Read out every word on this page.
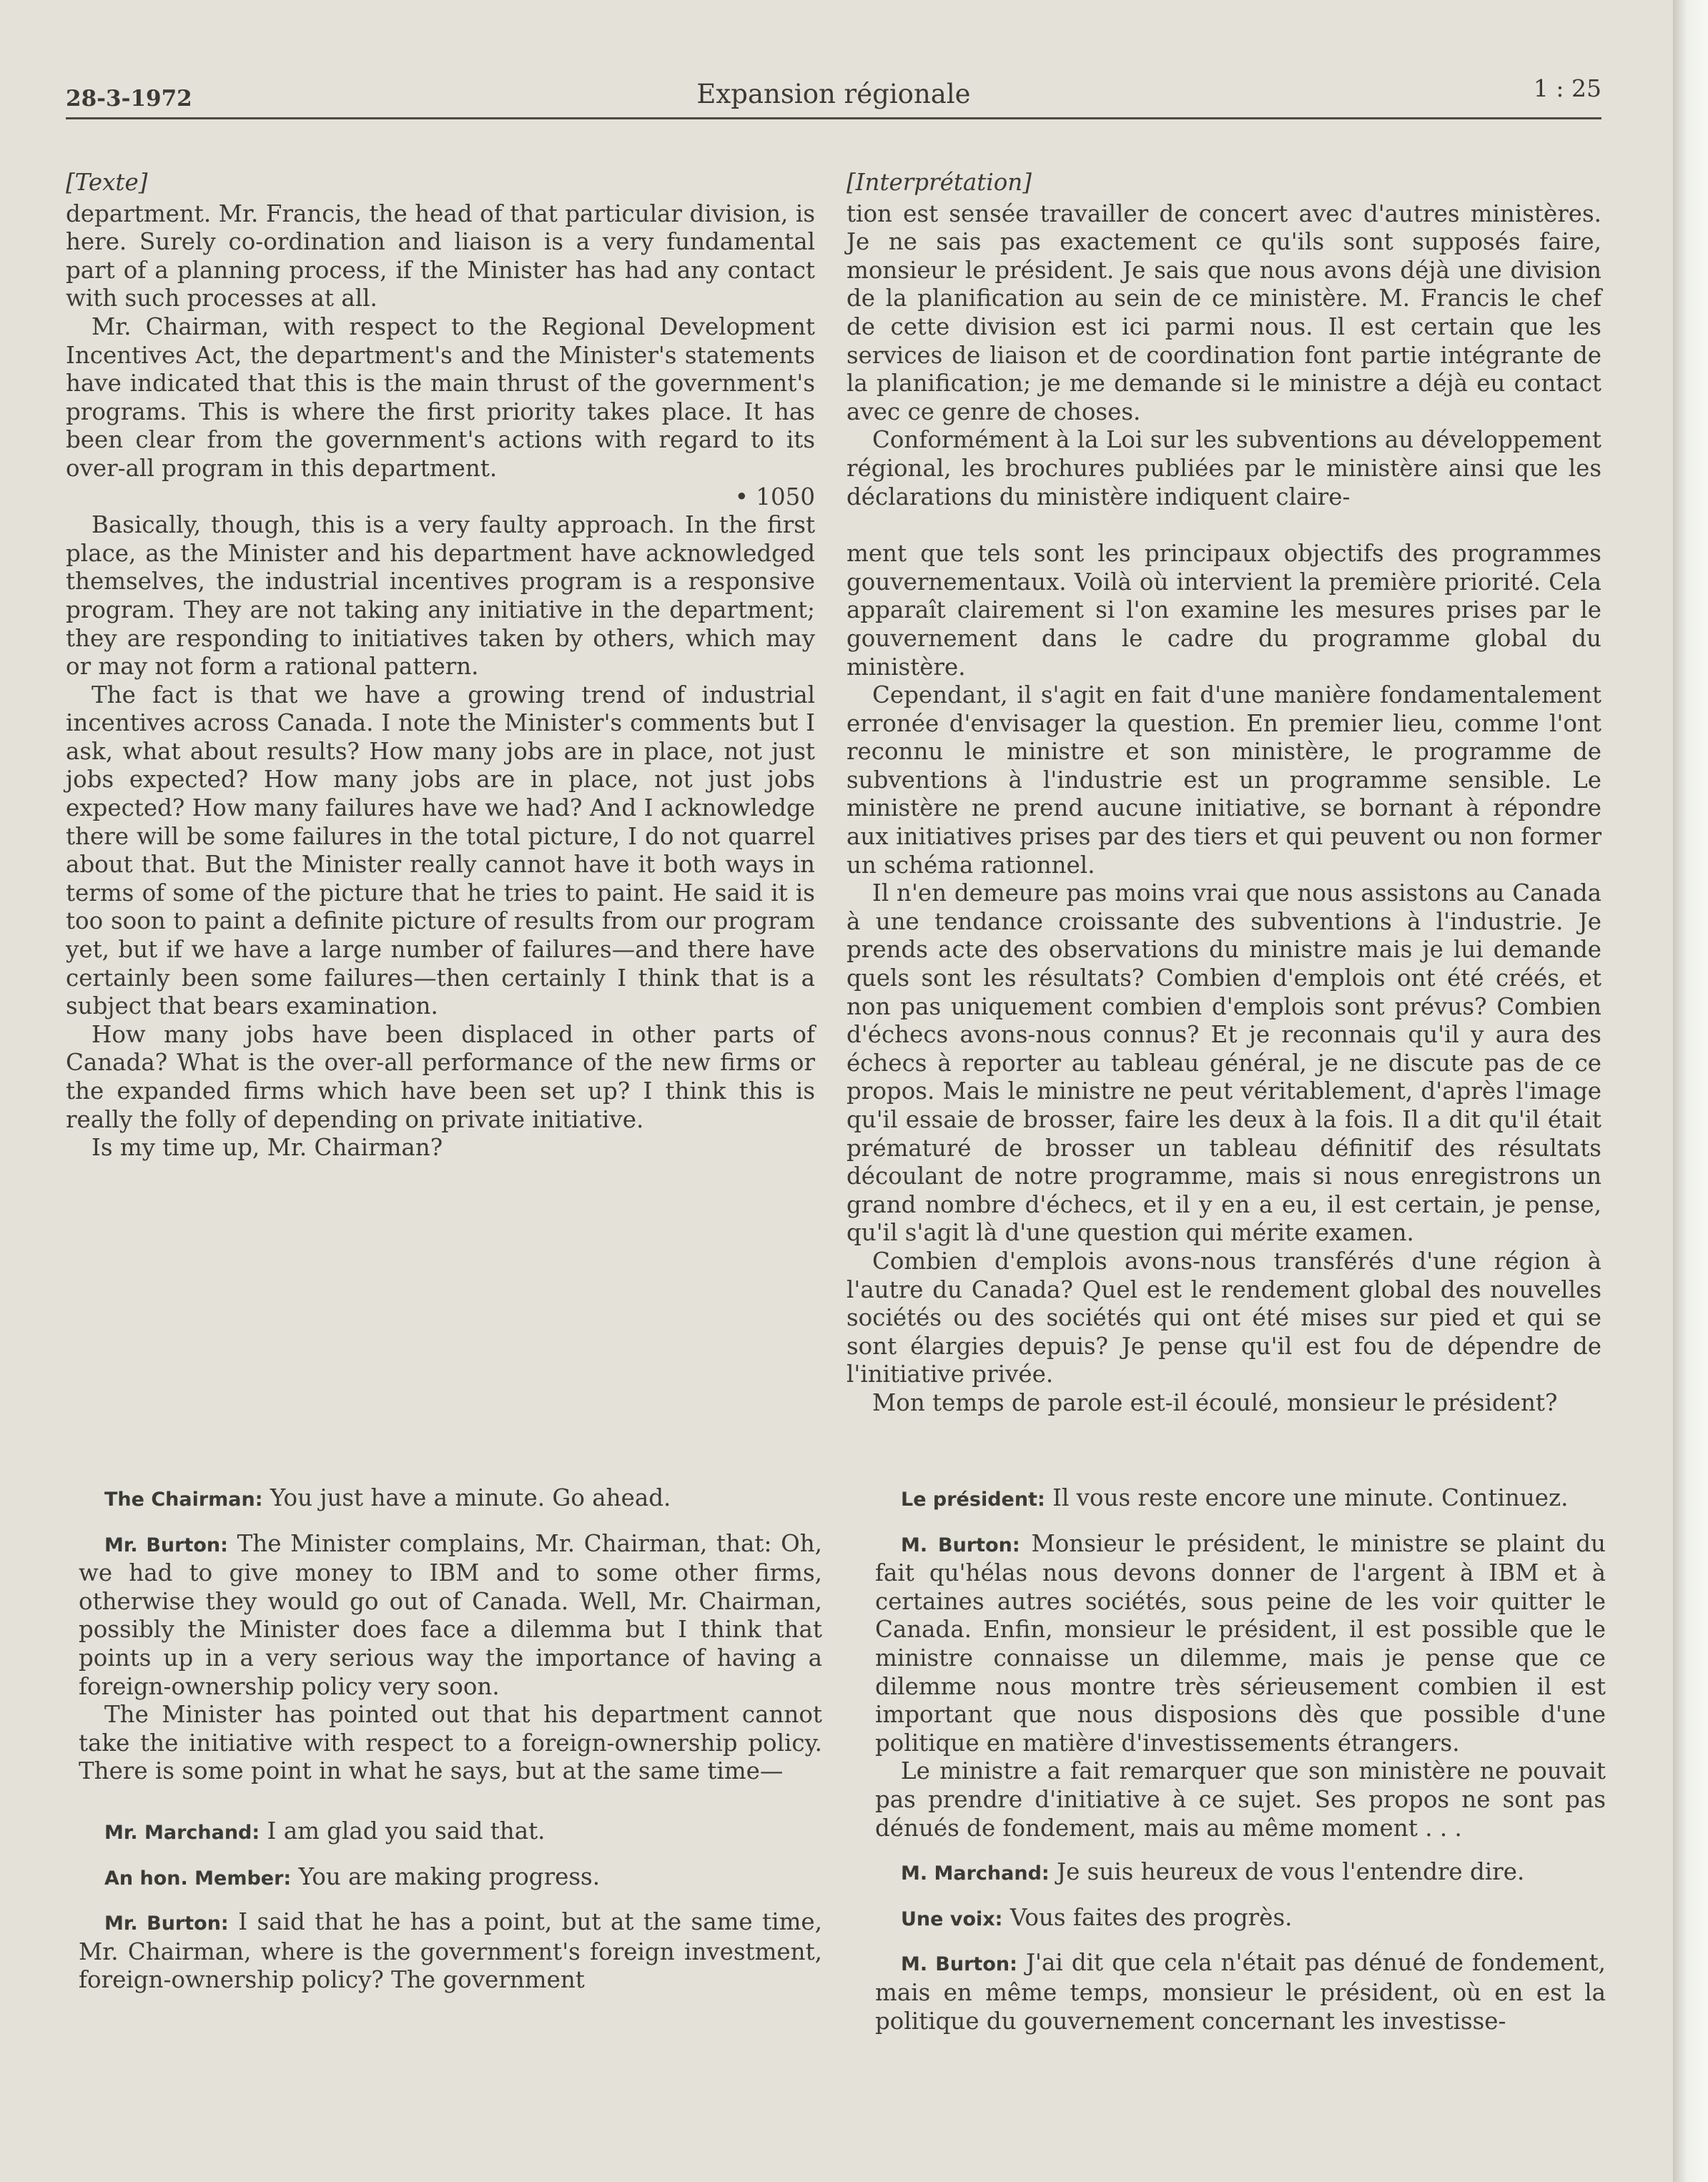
28-3-1972	Expansion régionale	1 : 25

[Texte]

department. Mr. Francis, the head of that particular division, is here. Surely co-ordination and liaison is a very fundamental part of a planning process, if the Minister has had any contact with such processes at all.

Mr. Chairman, with respect to the Regional Development Incentives Act, the department's and the Minister's statements have indicated that this is the main thrust of the government's programs. This is where the first priority takes place. It has been clear from the government's actions with regard to its over-all program in this department.

• 1050

Basically, though, this is a very faulty approach. In the first place, as the Minister and his department have acknowledged themselves, the industrial incentives program is a responsive program. They are not taking any initiative in the department; they are responding to initiatives taken by others, which may or may not form a rational pattern.

The fact is that we have a growing trend of industrial incentives across Canada. I note the Minister's comments but I ask, what about results? How many jobs are in place, not just jobs expected? How many jobs are in place, not just jobs expected? How many failures have we had? And I acknowledge there will be some failures in the total picture, I do not quarrel about that. But the Minister really cannot have it both ways in terms of some of the picture that he tries to paint. He said it is too soon to paint a definite picture of results from our program yet, but if we have a large number of failures—and there have certainly been some failures—then certainly I think that is a subject that bears examination.

How many jobs have been displaced in other parts of Canada? What is the over-all performance of the new firms or the expanded firms which have been set up? I think this is really the folly of depending on private initiative.

Is my time up, Mr. Chairman?

[Interprétation]

tion est sensée travailler de concert avec d'autres ministères. Je ne sais pas exactement ce qu'ils sont supposés faire, monsieur le président. Je sais que nous avons déjà une division de la planification au sein de ce ministère. M. Francis le chef de cette division est ici parmi nous. Il est certain que les services de liaison et de coordination font partie intégrante de la planification; je me demande si le ministre a déjà eu contact avec ce genre de choses.

Conformément à la Loi sur les subventions au développement régional, les brochures publiées par le ministère ainsi que les déclarations du ministère indiquent claire-

ment que tels sont les principaux objectifs des programmes gouvernementaux. Voilà où intervient la première priorité. Cela apparaît clairement si l'on examine les mesures prises par le gouvernement dans le cadre du programme global du ministère.

Cependant, il s'agit en fait d'une manière fondamentalement erronée d'envisager la question. En premier lieu, comme l'ont reconnu le ministre et son ministère, le programme de subventions à l'industrie est un programme sensible. Le ministère ne prend aucune initiative, se bornant à répondre aux initiatives prises par des tiers et qui peuvent ou non former un schéma rationnel.

Il n'en demeure pas moins vrai que nous assistons au Canada à une tendance croissante des subventions à l'industrie. Je prends acte des observations du ministre mais je lui demande quels sont les résultats? Combien d'emplois ont été créés, et non pas uniquement combien d'emplois sont prévus? Combien d'échecs avons-nous connus? Et je reconnais qu'il y aura des échecs à reporter au tableau général, je ne discute pas de ce propos. Mais le ministre ne peut véritablement, d'après l'image qu'il essaie de brosser, faire les deux à la fois. Il a dit qu'il était prématuré de brosser un tableau définitif des résultats découlant de notre programme, mais si nous enregistrons un grand nombre d'échecs, et il y en a eu, il est certain, je pense, qu'il s'agit là d'une question qui mérite examen.

Combien d'emplois avons-nous transférés d'une région à l'autre du Canada? Quel est le rendement global des nouvelles sociétés ou des sociétés qui ont été mises sur pied et qui se sont élargies depuis? Je pense qu'il est fou de dépendre de l'initiative privée.

Mon temps de parole est-il écoulé, monsieur le président?

The Chairman: You just have a minute. Go ahead.

Mr. Burton: The Minister complains, Mr. Chairman, that: Oh, we had to give money to IBM and to some other firms, otherwise they would go out of Canada. Well, Mr. Chairman, possibly the Minister does face a dilemma but I think that points up in a very serious way the importance of having a foreign-ownership policy very soon.

The Minister has pointed out that his department cannot take the initiative with respect to a foreign-ownership policy. There is some point in what he says, but at the same time—

Mr. Marchand: I am glad you said that.

An hon. Member: You are making progress.

Mr. Burton: I said that he has a point, but at the same time, Mr. Chairman, where is the government's foreign investment, foreign-ownership policy? The government

Le président: Il vous reste encore une minute. Continuez.

M. Burton: Monsieur le président, le ministre se plaint du fait qu'hélas nous devons donner de l'argent à IBM et à certaines autres sociétés, sous peine de les voir quitter le Canada. Enfin, monsieur le président, il est possible que le ministre connaisse un dilemme, mais je pense que ce dilemme nous montre très sérieusement combien il est important que nous disposions dès que possible d'une politique en matière d'investissements étrangers.

Le ministre a fait remarquer que son ministère ne pouvait pas prendre d'initiative à ce sujet. Ses propos ne sont pas dénués de fondement, mais au même moment . . .

M. Marchand: Je suis heureux de vous l'entendre dire.

Une voix: Vous faites des progrès.

M. Burton: J'ai dit que cela n'était pas dénué de fondement, mais en même temps, monsieur le président, où en est la politique du gouvernement concernant les investisse-
